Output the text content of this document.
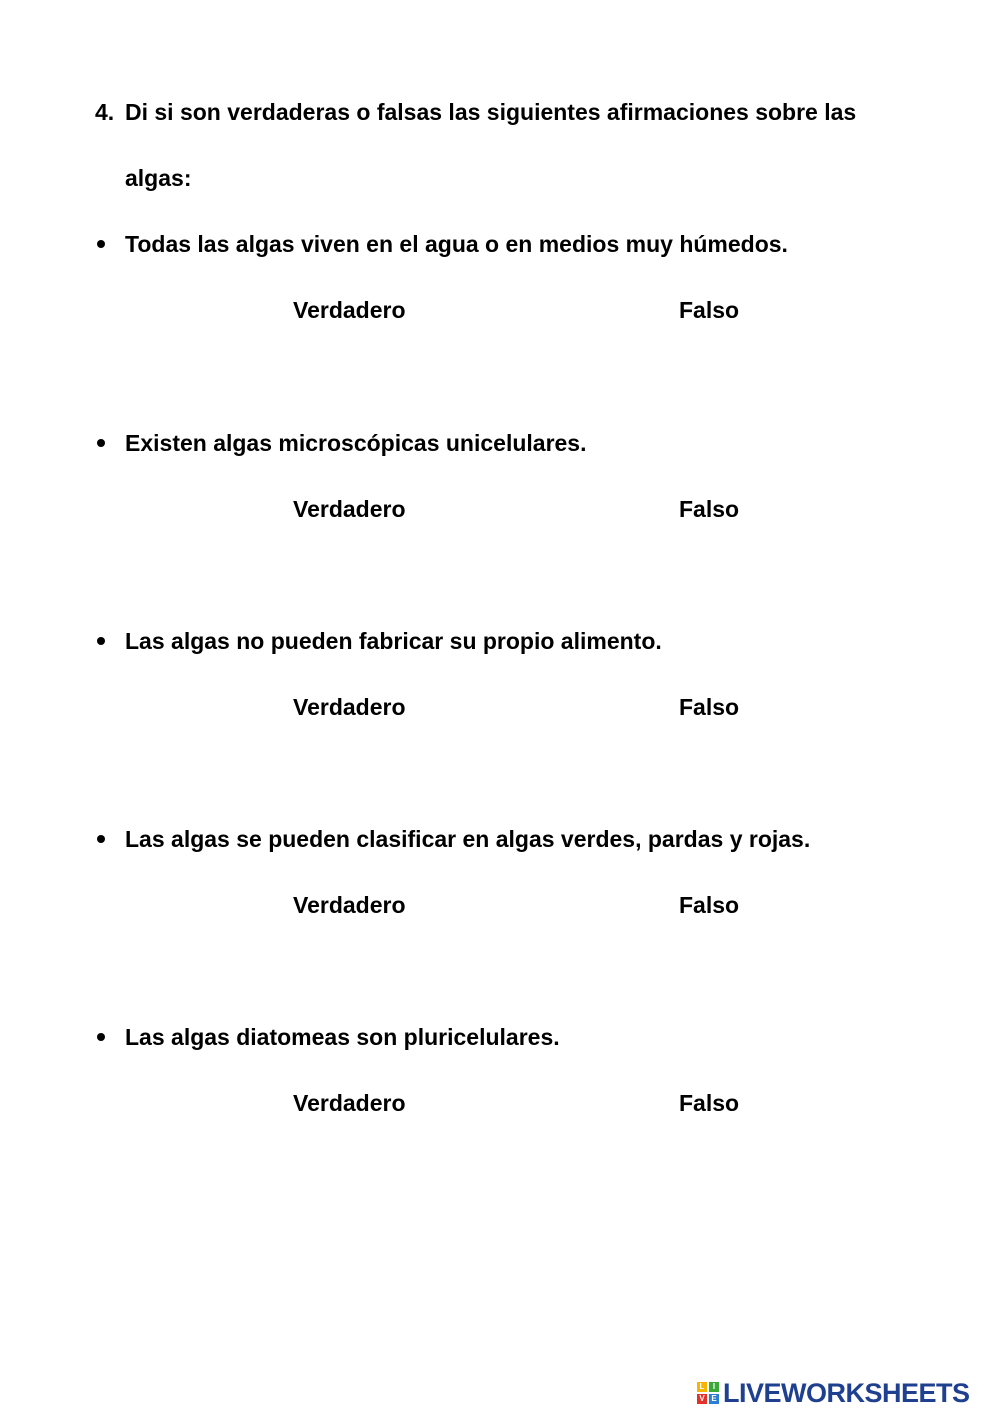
4. Di si son verdaderas o falsas las siguientes afirmaciones sobre las
algas:
Todas las algas viven en el agua o en medios muy húmedos.
Verdadero	Falso
Existen algas microscópicas unicelulares.
Verdadero	Falso
Las algas no pueden fabricar su propio alimento.
Verdadero	Falso
Las algas se pueden clasificar en algas verdes, pardas y rojas.
Verdadero	Falso
Las algas diatomeas son pluricelulares.
Verdadero	Falso
L	I
V E LIVEWORKSHEETS
